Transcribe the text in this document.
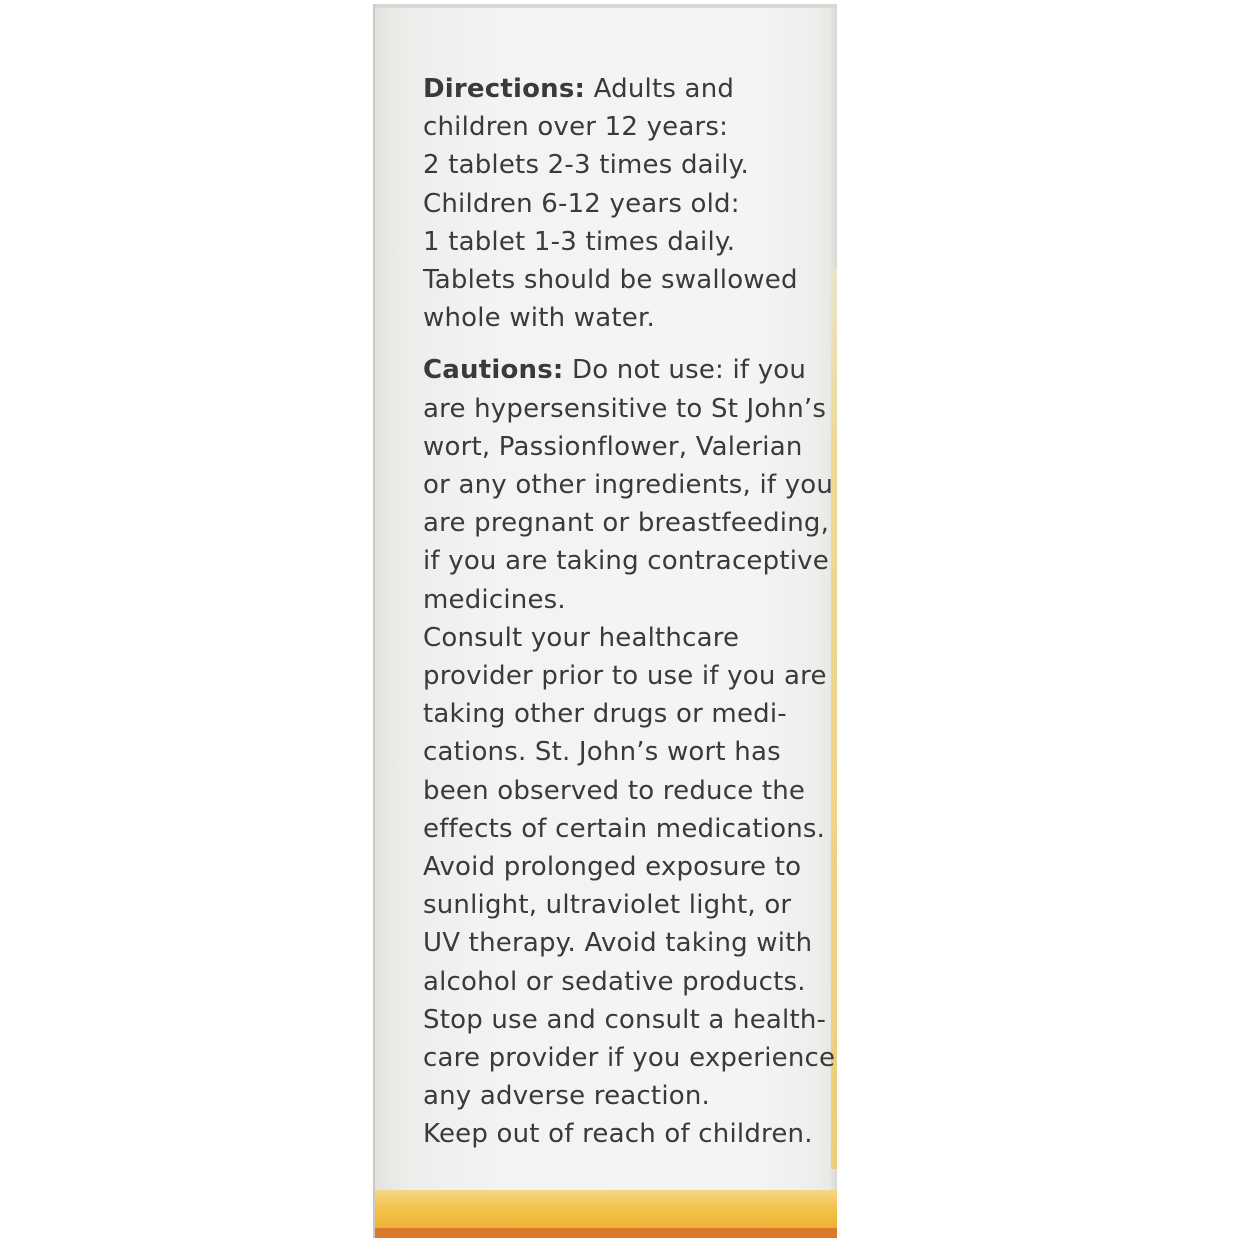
Directions: Adults and
children over 12 years:
2 tablets 2-3 times daily.
Children 6-12 years old:
1 tablet 1-3 times daily.
Tablets should be swallowed
whole with water.

Cautions: Do not use: if you
are hypersensitive to St John’s
wort, Passionflower, Valerian
or any other ingredients, if you
are pregnant or breastfeeding,
if you are taking contraceptive
medicines.
Consult your healthcare
provider prior to use if you are
taking other drugs or medi-
cations. St. John’s wort has
been observed to reduce the
effects of certain medications.
Avoid prolonged exposure to
sunlight, ultraviolet light, or
UV therapy. Avoid taking with
alcohol or sedative products.
Stop use and consult a health-
care provider if you experience
any adverse reaction.
Keep out of reach of children.
